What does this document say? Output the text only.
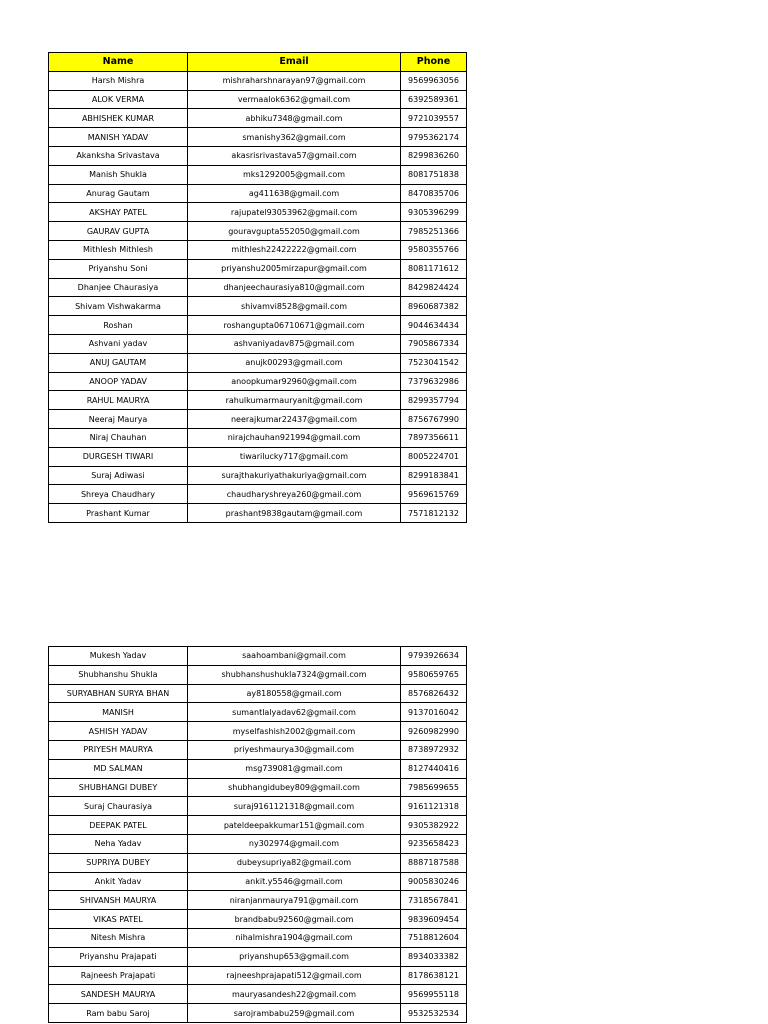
Name	Email	Phone
Harsh Mishra	mishraharshnarayan97@gmail.com	9569963056
ALOK VERMA	vermaalok6362@gmail.com	6392589361
ABHISHEK KUMAR	abhiku7348@gmail.com	9721039557
MANISH YADAV	smanishy362@gmail.com	9795362174
Akanksha Srivastava	akasrisrivastava57@gmail.com	8299836260
Manish Shukla	mks1292005@gmail.com	8081751838
Anurag Gautam	ag411638@gmail.com	8470835706
AKSHAY PATEL	rajupatel93053962@gmail.com	9305396299
GAURAV GUPTA	gouravgupta552050@gmail.com	7985251366
Mithlesh Mithlesh	mithlesh22422222@gmail.com	9580355766
Priyanshu Soni	priyanshu2005mirzapur@gmail.com	8081171612
Dhanjee Chaurasiya	dhanjeechaurasiya810@gmail.com	8429824424
Shivam Vishwakarma	shivamvi8528@gmail.com	8960687382
Roshan	roshangupta06710671@gmail.com	9044634434
Ashvani yadav	ashvaniyadav875@gmail.com	7905867334
ANUJ GAUTAM	anujk00293@gmail.com	7523041542
ANOOP YADAV	anoopkumar92960@gmail.com	7379632986
RAHUL MAURYA	rahulkumarmauryanit@gmail.com	8299357794
Neeraj Maurya	neerajkumar22437@gmail.com	8756767990
Niraj Chauhan	nirajchauhan921994@gmail.com	7897356611
DURGESH TIWARI	tiwarilucky717@gmail.com	8005224701
Suraj Adiwasi	surajthakuriyathakuriya@gmail.com	8299183841
Shreya Chaudhary	chaudharyshreya260@gmail.com	9569615769
Prashant Kumar	prashant9838gautam@gmail.com	7571812132
Mukesh Yadav	saahoambani@gmail.com	9793926634
Shubhanshu Shukla	shubhanshushukla7324@gmail.com	9580659765
SURYABHAN SURYA BHAN	ay8180558@gmail.com	8576826432
MANISH	sumantlalyadav62@gmail.com	9137016042
ASHISH YADAV	myselfashish2002@gmail.com	9260982990
PRIYESH MAURYA	priyeshmaurya30@gmail.com	8738972932
MD SALMAN	msg739081@gmail.com	8127440416
SHUBHANGI DUBEY	shubhangidubey809@gmail.com	7985699655
Suraj Chaurasiya	suraj9161121318@gmail.com	9161121318
DEEPAK PATEL	pateldeepakkumar151@gmail.com	9305382922
Neha Yadav	ny302974@gmail.com	9235658423
SUPRIYA DUBEY	dubeysupriya82@gmail.com	8887187588
Ankit Yadav	ankit.y5546@gmail.com	9005830246
SHIVANSH MAURYA	niranjanmaurya791@gmail.com	7318567841
VIKAS PATEL	brandbabu92560@gmail.com	9839609454
Nitesh Mishra	nihalmishra1904@gmail.com	7518812604
Priyanshu Prajapati	priyanshup653@gmail.com	8934033382
Rajneesh Prajapati	rajneeshprajapati512@gmail.com	8178638121
SANDESH MAURYA	mauryasandesh22@gmail.com	9569955118
Ram babu Saroj	sarojrambabu259@gmail.com	9532532534
